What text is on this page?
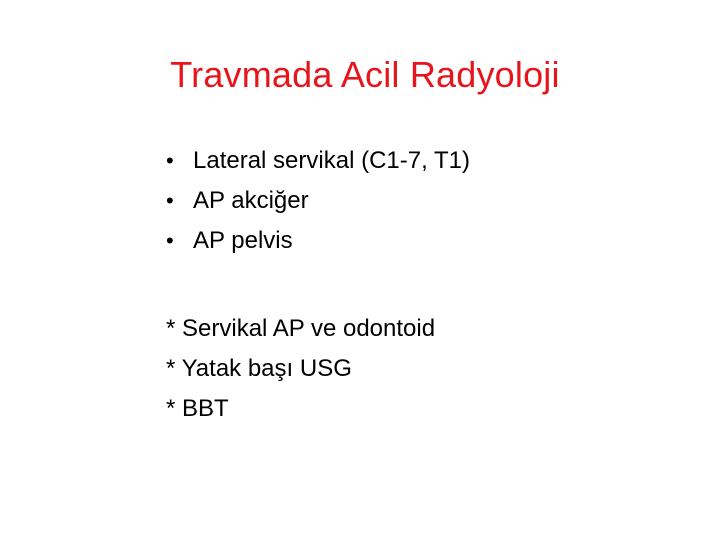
Travmada Acil Radyoloji
• Lateral servikal (C1-7, T1)
• AP akciğer
• AP pelvis
* Servikal AP ve odontoid
* Yatak başı USG
* BBT
